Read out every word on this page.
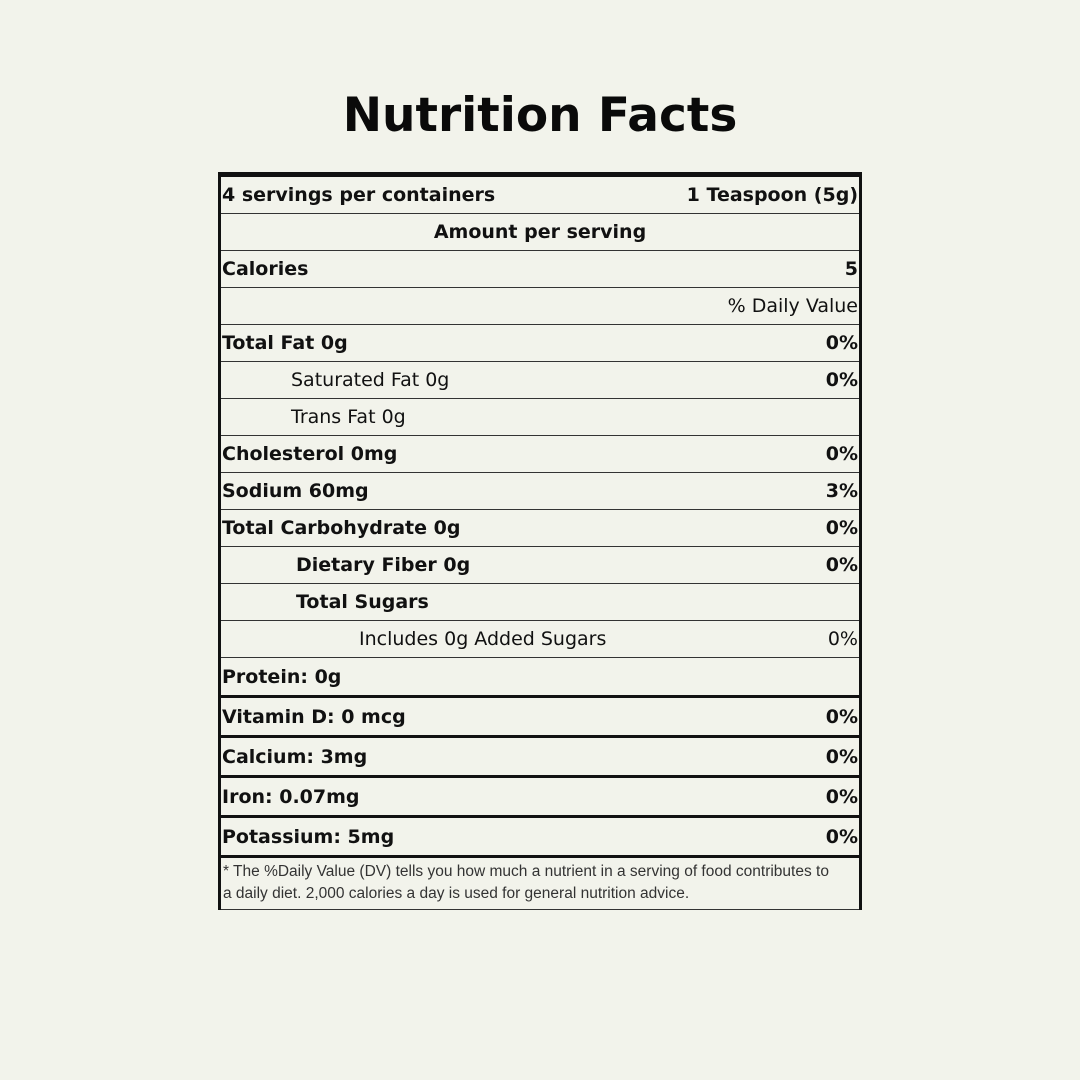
Nutrition Facts
4 servings per containers	1 Teaspoon (5g)
Amount per serving
Calories	5
% Daily Value
Total Fat 0g	0%
Saturated Fat 0g	0%
Trans Fat 0g
Cholesterol 0mg	0%
Sodium 60mg	3%
Total Carbohydrate 0g	0%
Dietary Fiber 0g	0%
Total Sugars
Includes 0g Added Sugars	0%
Protein: 0g
Vitamin D: 0 mcg	0%
Calcium: 3mg	0%
Iron: 0.07mg	0%
Potassium: 5mg	0%
* The %Daily Value (DV) tells you how much a nutrient in a serving of food contributes to
a daily diet. 2,000 calories a day is used for general nutrition advice.
